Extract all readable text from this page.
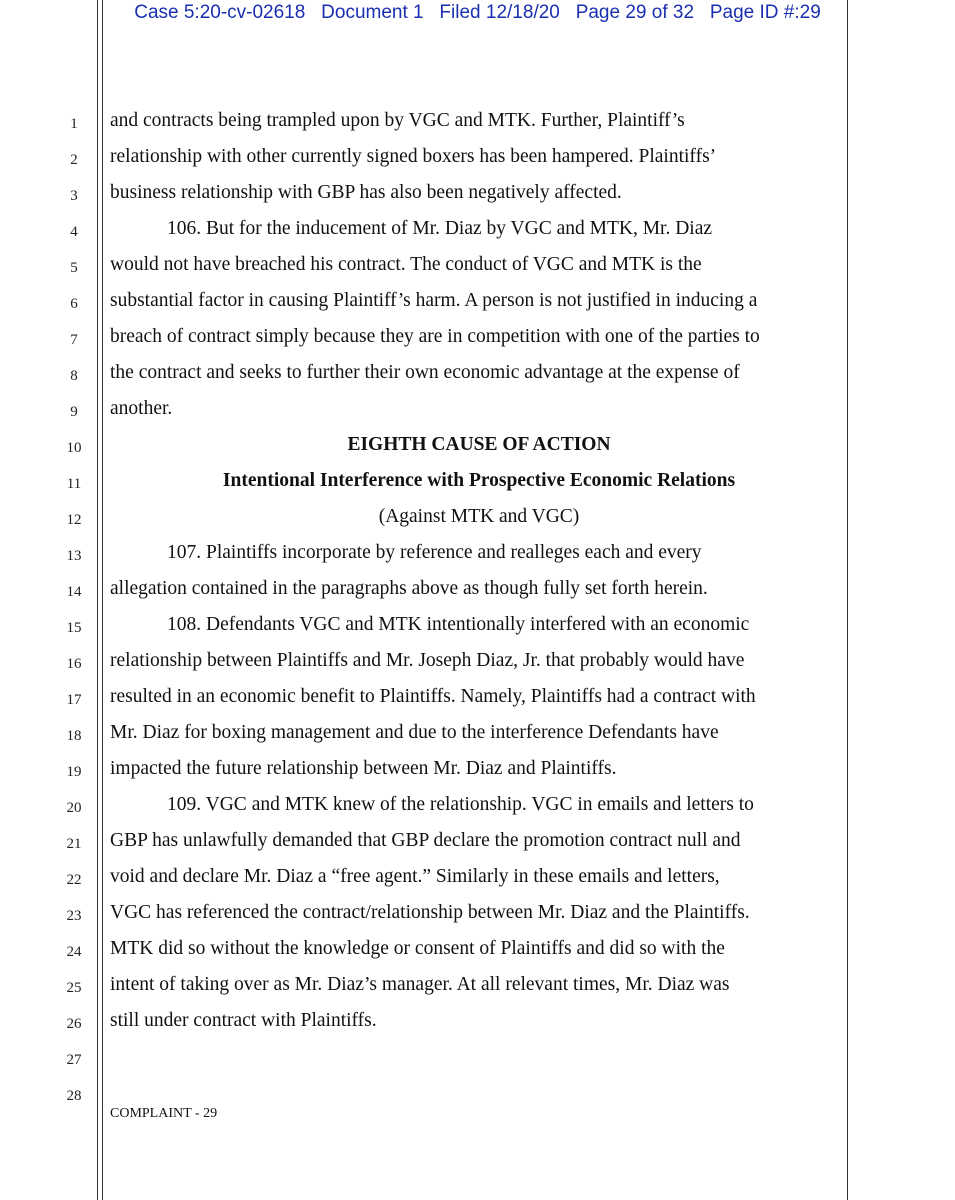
Case 5:20-cv-02618   Document 1   Filed 12/18/20   Page 29 of 32   Page ID #:29
1
2
3
4
5
6
7
8
9
10
11
12
13
14
15
16
17
18
19
20
21
22
23
24
25
26
27
28
and contracts being trampled upon by VGC and MTK. Further, Plaintiff’s
relationship with other currently signed boxers has been hampered. Plaintiffs’
business relationship with GBP has also been negatively affected.
106. But for the inducement of Mr. Diaz by VGC and MTK, Mr. Diaz
would not have breached his contract. The conduct of VGC and MTK is the
substantial factor in causing Plaintiff’s harm. A person is not justified in inducing a
breach of contract simply because they are in competition with one of the parties to
the contract and seeks to further their own economic advantage at the expense of
another.
EIGHTH CAUSE OF ACTION
Intentional Interference with Prospective Economic Relations
(Against MTK and VGC)
107. Plaintiffs incorporate by reference and realleges each and every
allegation contained in the paragraphs above as though fully set forth herein.
108. Defendants VGC and MTK intentionally interfered with an economic
relationship between Plaintiffs and Mr. Joseph Diaz, Jr. that probably would have
resulted in an economic benefit to Plaintiffs. Namely, Plaintiffs had a contract with
Mr. Diaz for boxing management and due to the interference Defendants have
impacted the future relationship between Mr. Diaz and Plaintiffs.
109. VGC and MTK knew of the relationship. VGC in emails and letters to
GBP has unlawfully demanded that GBP declare the promotion contract null and
void and declare Mr. Diaz a “free agent.” Similarly in these emails and letters,
VGC has referenced the contract/relationship between Mr. Diaz and the Plaintiffs.
MTK did so without the knowledge or consent of Plaintiffs and did so with the
intent of taking over as Mr. Diaz’s manager. At all relevant times, Mr. Diaz was
still under contract with Plaintiffs.
COMPLAINT - 29
